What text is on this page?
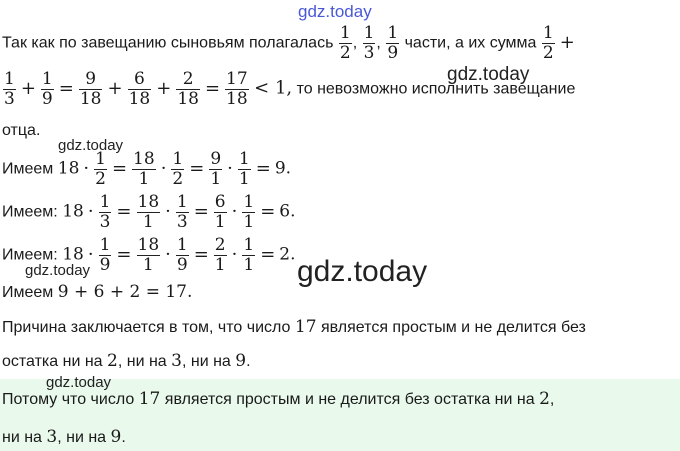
gdz.today
gdz.today
gdz.today
gdz.today	gdz.today
gdz.today
Так как по завещанию сыновьям полагалась $\frac{1}{2}$ , $\frac{1}{3}$ , $\frac{1}{9}$ части, а их сумма $\frac{1}{2}$ +
$\frac{1}{3} + \frac{1}{9} = \frac{9}{18} + \frac{6}{18} + \frac{2}{18} = \frac{17}{18} < 1$, то невозможно исполнить завещание
отца.
Имеем $18 \cdot \frac{1}{2} = \frac{18}{1} \cdot \frac{1}{2} = \frac{9}{1} \cdot \frac{1}{1} = 9$.
Имеем: $18 \cdot \frac{1}{3} = \frac{18}{1} \cdot \frac{1}{3} = \frac{6}{1} \cdot \frac{1}{1} = 6$.
Имеем: $18 \cdot \frac{1}{9} = \frac{18}{1} \cdot \frac{1}{9} = \frac{2}{1} \cdot \frac{1}{1} = 2$.
Имеем 9 + 6 + 2 = 17.
Причина заключается в том, что число 17 является простым и не делится без
остатка ни на 2, ни на 3, ни на 9.
Потому что число 17 является простым и не делится без остатка ни на 2,
ни на 3, ни на 9.
